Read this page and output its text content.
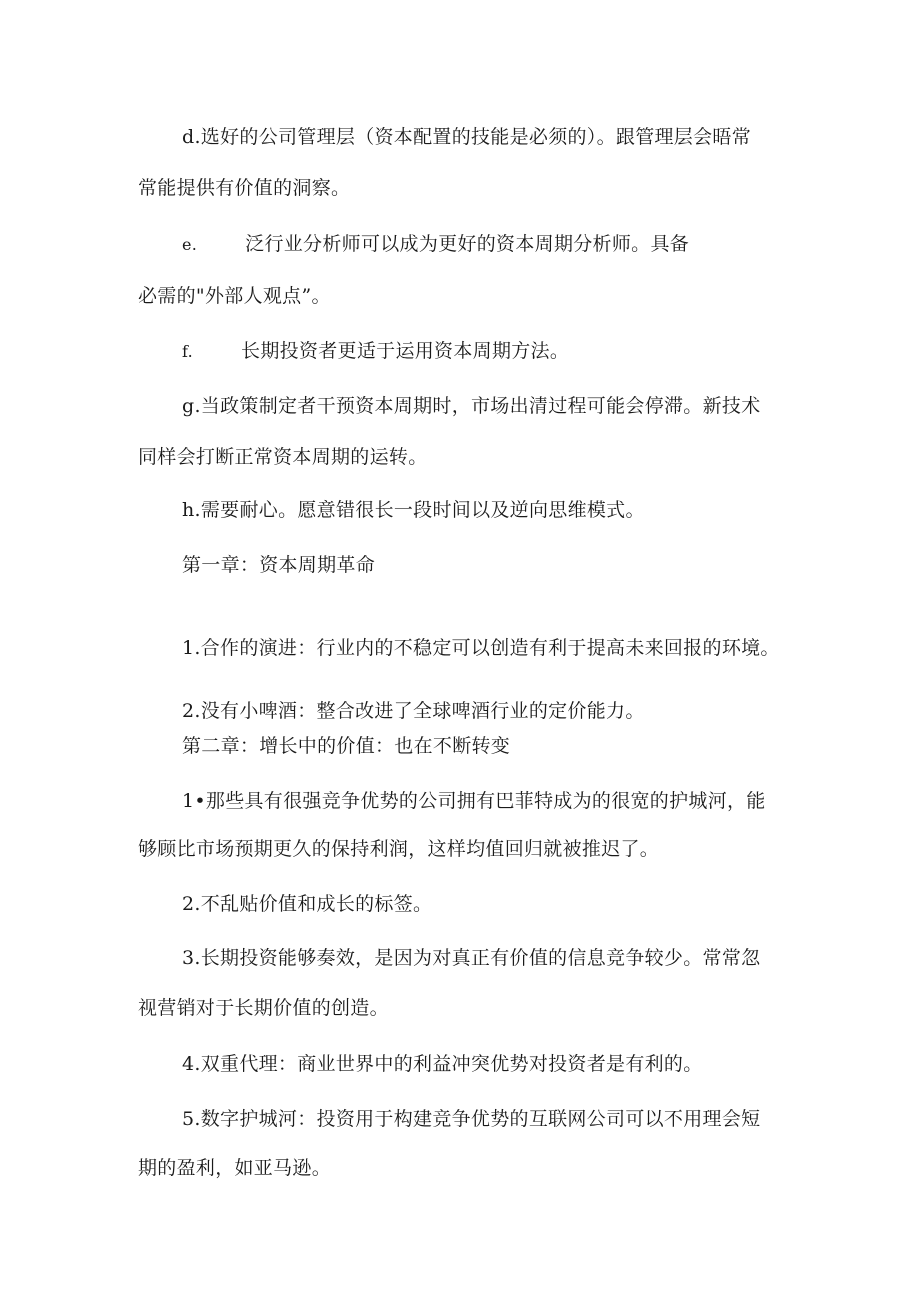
d.选好的公司管理层（资本配置的技能是必须的）。跟管理层会晤常
常能提供有价值的洞察。
e.	泛行业分析师可以成为更好的资本周期分析师。具备
必需的"外部人观点”。
f.	长期投资者更适于运用资本周期方法。
g.当政策制定者干预资本周期时，市场出清过程可能会停滞。新技术
同样会打断正常资本周期的运转。
h.需要耐心。愿意错很长一段时间以及逆向思维模式。
第一章：资本周期革命
1.合作的演进：行业内的不稳定可以创造有利于提高未来回报的环境。
2.没有小啤酒：整合改进了全球啤酒行业的定价能力。
第二章：增长中的价值：也在不断转变
1•那些具有很强竞争优势的公司拥有巴菲特成为的很宽的护城河，能
够顾比市场预期更久的保持利润，这样均值回归就被推迟了。
2.不乱贴价值和成长的标签。
3.长期投资能够奏效，是因为对真正有价值的信息竞争较少。常常忽
视营销对于长期价值的创造。
4.双重代理：商业世界中的利益冲突优势对投资者是有利的。
5.数字护城河：投资用于构建竞争优势的互联网公司可以不用理会短
期的盈利，如亚马逊。
